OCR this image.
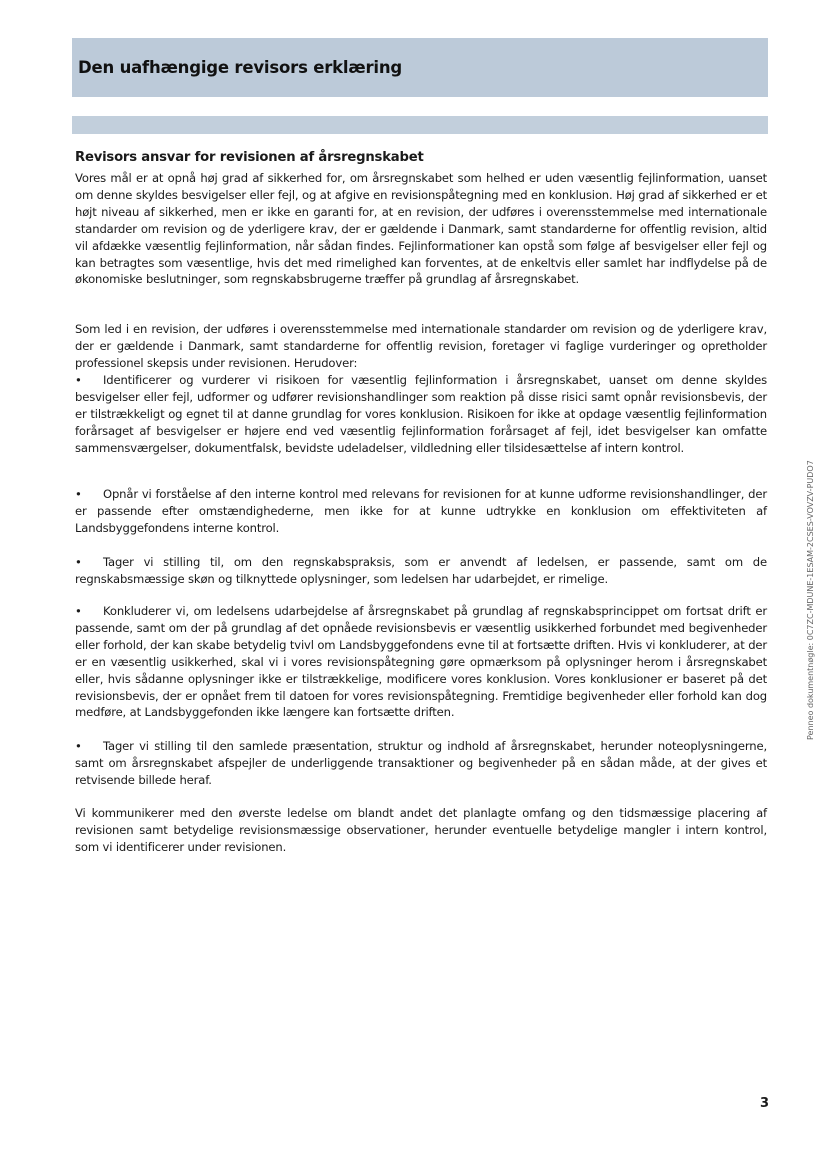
Den uafhængige revisors erklæring
Revisors ansvar for revisionen af årsregnskabet

Vores mål er at opnå høj grad af sikkerhed for, om årsregnskabet som helhed er uden væsentlig fejlinformation, uanset om denne skyldes besvigelser eller fejl, og at afgive en revisionspåtegning med en konklusion. Høj grad af sikkerhed er et højt niveau af sikkerhed, men er ikke en garanti for, at en revision, der udføres i overensstemmelse med internationale standarder om revision og de yderligere krav, der er gældende i Danmark, samt standarderne for offentlig revision, altid vil afdække væsentlig fejlinformation, når sådan findes. Fejlinformationer kan opstå som følge af besvigelser eller fejl og kan betragtes som væsentlige, hvis det med rimelighed kan forventes, at de enkeltvis eller samlet har indflydelse på de økonomiske beslutninger, som regnskabsbrugerne træffer på grundlag af årsregnskabet.

Som led i en revision, der udføres i overensstemmelse med internationale standarder om revision og de yderligere krav, der er gældende i Danmark, samt standarderne for offentlig revision, foretager vi faglige vurderinger og opretholder professionel skepsis under revisionen. Herudover:

• Identificerer og vurderer vi risikoen for væsentlig fejlinformation i årsregnskabet, uanset om denne skyldes besvigelser eller fejl, udformer og udfører revisionshandlinger som reaktion på disse risici samt opnår revisionsbevis, der er tilstrækkeligt og egnet til at danne grundlag for vores konklusion. Risikoen for ikke at opdage væsentlig fejlinformation forårsaget af besvigelser er højere end ved væsentlig fejlinformation forårsaget af fejl, idet besvigelser kan omfatte sammensværgelser, dokumentfalsk, bevidste udeladelser, vildledning eller tilsidesættelse af intern kontrol.

• Opnår vi forståelse af den interne kontrol med relevans for revisionen for at kunne udforme revisionshandlinger, der er passende efter omstændighederne, men ikke for at kunne udtrykke en konklusion om effektiviteten af Landsbyggefondens interne kontrol.

• Tager vi stilling til, om den regnskabspraksis, som er anvendt af ledelsen, er passende, samt om de regnskabsmæssige skøn og tilknyttede oplysninger, som ledelsen har udarbejdet, er rimelige.

• Konkluderer vi, om ledelsens udarbejdelse af årsregnskabet på grundlag af regnskabsprincippet om fortsat drift er passende, samt om der på grundlag af det opnåede revisionsbevis er væsentlig usikkerhed forbundet med begivenheder eller forhold, der kan skabe betydelig tvivl om Landsbyggefondens evne til at fortsætte driften. Hvis vi konkluderer, at der er en væsentlig usikkerhed, skal vi i vores revisionspåtegning gøre opmærksom på oplysninger herom i årsregnskabet eller, hvis sådanne oplysninger ikke er tilstrækkelige, modificere vores konklusion. Vores konklusioner er baseret på det revisionsbevis, der er opnået frem til datoen for vores revisionspåtegning. Fremtidige begivenheder eller forhold kan dog medføre, at Landsbyggefonden ikke længere kan fortsætte driften.

• Tager vi stilling til den samlede præsentation, struktur og indhold af årsregnskabet, herunder noteoplysningerne, samt om årsregnskabet afspejler de underliggende transaktioner og begivenheder på en sådan måde, at der gives et retvisende billede heraf.

Vi kommunikerer med den øverste ledelse om blandt andet det planlagte omfang og den tidsmæssige placering af revisionen samt betydelige revisionsmæssige observationer, herunder eventuelle betydelige mangler i intern kontrol, som vi identificerer under revisionen.

Penneo dokumentnøgle: 0C7ZC-MDUNE-1ESAM-2CSES-VOVZV-PUDO7
3
